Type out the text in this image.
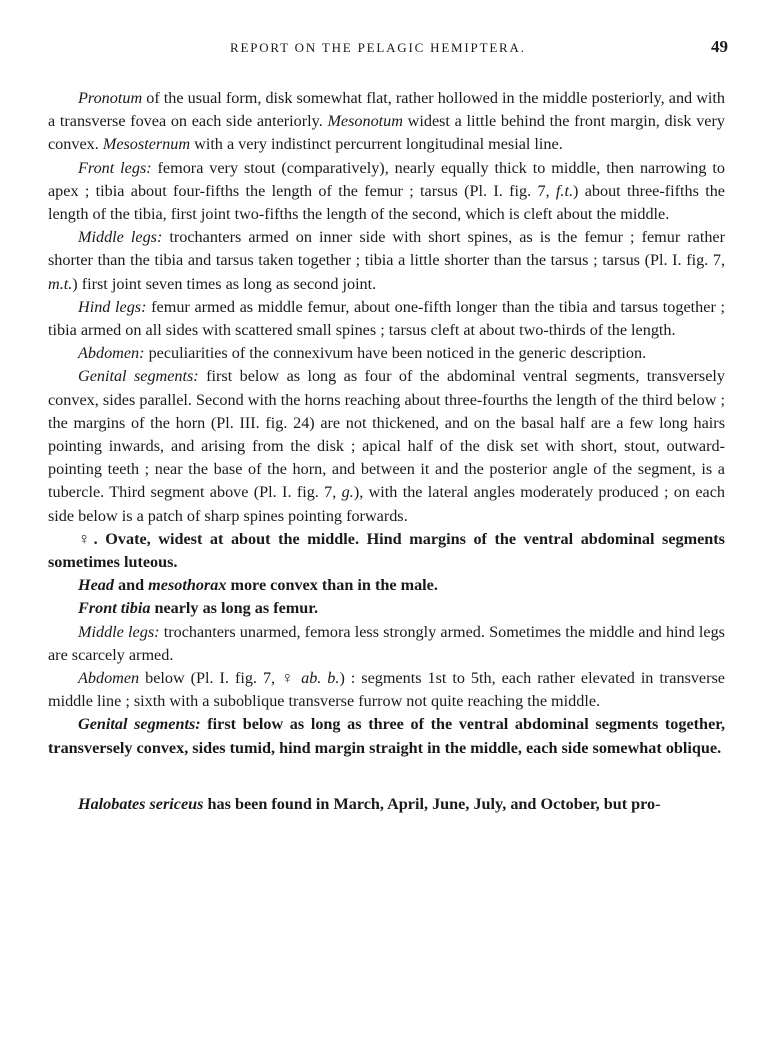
REPORT ON THE PELAGIC HEMIPTERA.	49

Pronotum of the usual form, disk somewhat flat, rather hollowed in the middle posteriorly, and with a transverse fovea on each side anteriorly. Mesonotum widest a little behind the front margin, disk very convex. Mesosternum with a very indistinct percurrent longitudinal mesial line.

Front legs: femora very stout (comparatively), nearly equally thick to middle, then narrowing to apex ; tibia about four-fifths the length of the femur ; tarsus (Pl. I. fig. 7, f.t.) about three-fifths the length of the tibia, first joint two-fifths the length of the second, which is cleft about the middle.

Middle legs: trochanters armed on inner side with short spines, as is the femur ; femur rather shorter than the tibia and tarsus taken together ; tibia a little shorter than the tarsus ; tarsus (Pl. I. fig. 7, m.t.) first joint seven times as long as second joint.

Hind legs: femur armed as middle femur, about one-fifth longer than the tibia and tarsus together ; tibia armed on all sides with scattered small spines ; tarsus cleft at about two-thirds of the length.

Abdomen: peculiarities of the connexivum have been noticed in the generic description.

Genital segments: first below as long as four of the abdominal ventral segments, transversely convex, sides parallel. Second with the horns reaching about three-fourths the length of the third below ; the margins of the horn (Pl. III. fig. 24) are not thickened, and on the basal half are a few long hairs pointing inwards, and arising from the disk ; apical half of the disk set with short, stout, outward-pointing teeth ; near the base of the horn, and between it and the posterior angle of the segment, is a tubercle. Third segment above (Pl. I. fig. 7, g.), with the lateral angles moderately produced ; on each side below is a patch of sharp spines pointing forwards.

♀. Ovate, widest at about the middle. Hind margins of the ventral abdominal segments sometimes luteous.

Head and mesothorax more convex than in the male.

Front tibia nearly as long as femur.

Middle legs: trochanters unarmed, femora less strongly armed. Sometimes the middle and hind legs are scarcely armed.

Abdomen below (Pl. I. fig. 7, ♀ ab. b.) : segments 1st to 5th, each rather elevated in transverse middle line ; sixth with a suboblique transverse furrow not quite reaching the middle.

Genital segments: first below as long as three of the ventral abdominal segments together, transversely convex, sides tumid, hind margin straight in the middle, each side somewhat oblique.

Halobates sericeus has been found in March, April, June, July, and October, but pro-
